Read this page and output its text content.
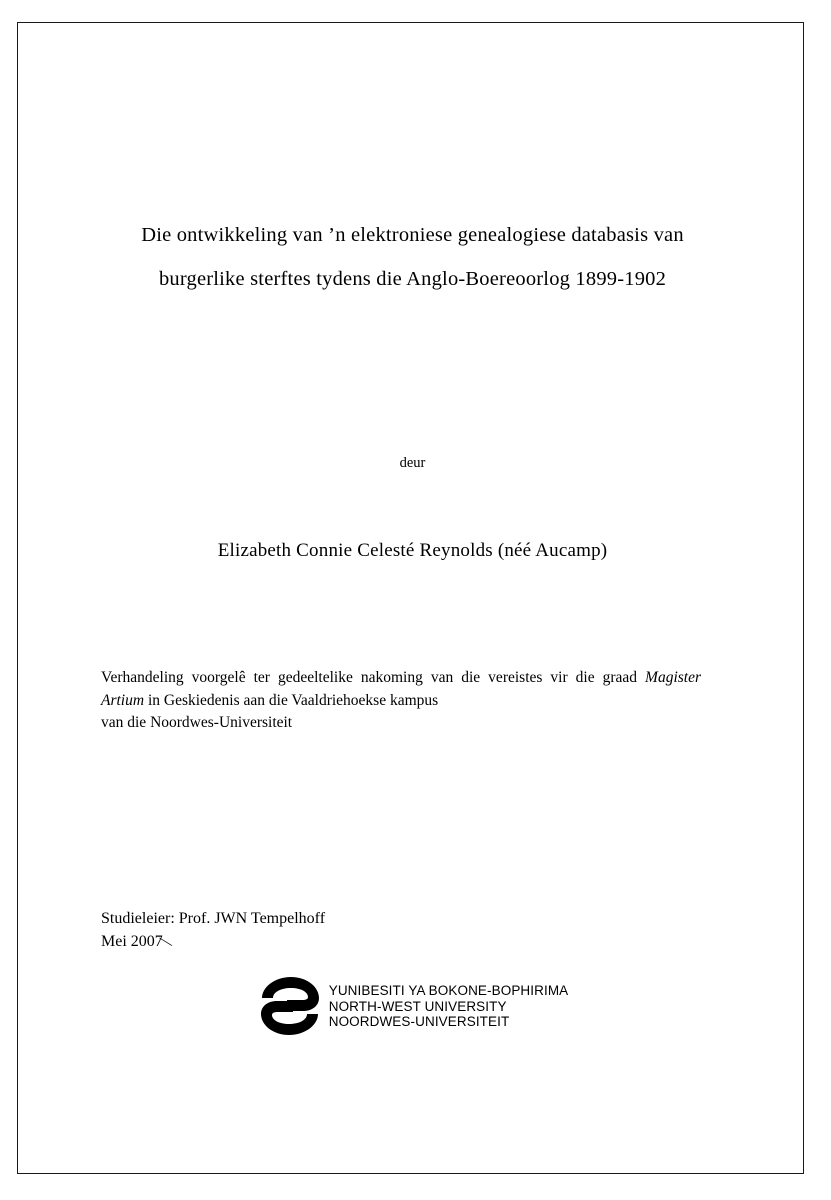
Die ontwikkeling van ’n elektroniese genealogiese databasis van
burgerlike sterftes tydens die Anglo-Boereoorlog 1899-1902
deur
Elizabeth Connie Celesté Reynolds (néé Aucamp)
Verhandeling voorgelê ter gedeeltelike nakoming van die vereistes vir die graad Magister Artium in Geskiedenis aan die Vaaldriehoekse kampus
van die Noordwes-Universiteit
Studieleier: Prof. JWN Tempelhoff
Mei 2007
⟍
YUNIBESITI YA BOKONE-BOPHIRIMA
NORTH-WEST UNIVERSITY
NOORDWES-UNIVERSITEIT
